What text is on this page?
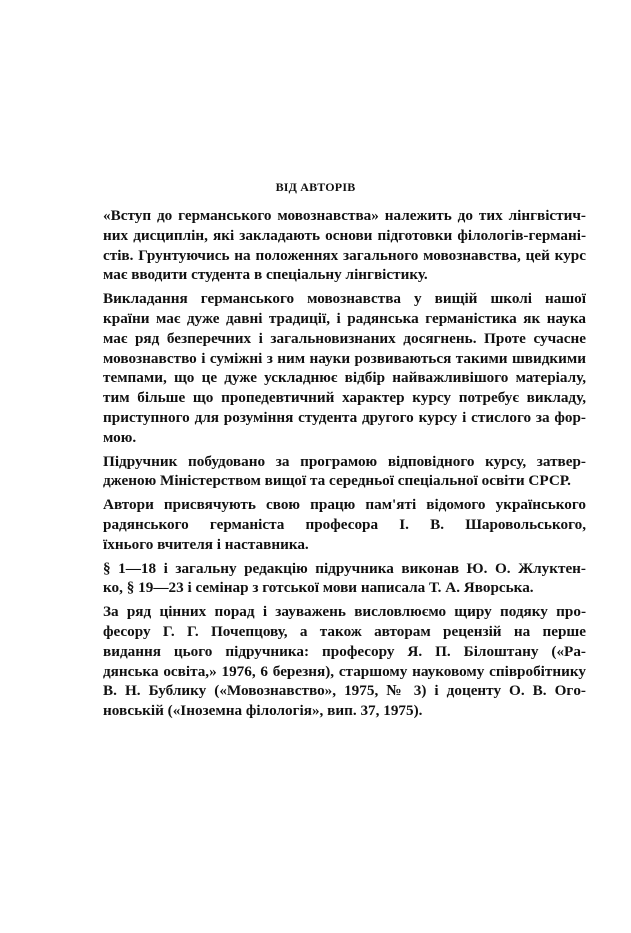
ВІД АВТОРІВ

«Вступ до германського мовознавства» належить до тих лінгвістич-
них дисциплін, які закладають основи підготовки філологів-германі-
стів. Грунтуючись на положеннях загального мовознавства, цей курс
має вводити студента в спеціальну лінгвістику.

Викладання германського мовознавства у вищій школі нашої
країни має дуже давні традиції, і радянська германістика як наука
має ряд безперечних і загальновизнаних досягнень. Проте сучасне
мовознавство і суміжні з ним науки розвиваються такими швидкими
темпами, що це дуже ускладнює відбір найважливішого матеріалу,
тим більше що пропедевтичний характер курсу потребує викладу,
приступного для розуміння студента другого курсу і стислого за фор-
мою.

Підручник побудовано за програмою відповідного курсу, затвер-
дженою Міністерством вищої та середньої спеціальної освіти СРСР.

Автори присвячують свою працю пам'яті відомого українського
радянського германіста професора І. В. Шаровольського,
їхнього вчителя і наставника.

§ 1—18 і загальну редакцію підручника виконав Ю. О. Жлуктен-
ко, § 19—23 і семінар з готської мови написала Т. А. Яворська.

За ряд цінних порад і зауважень висловлюємо щиру подяку про-
фесору Г. Г. Почепцову, а також авторам рецензій на перше
видання цього підручника: професору Я. П. Білоштану («Ра-
дянська освіта,» 1976, 6 березня), старшому науковому співробітнику
В. Н. Бублику («Мовознавство», 1975, № 3) і доценту О. В. Огo-
новській («Іноземна філологія», вип. 37, 1975).
